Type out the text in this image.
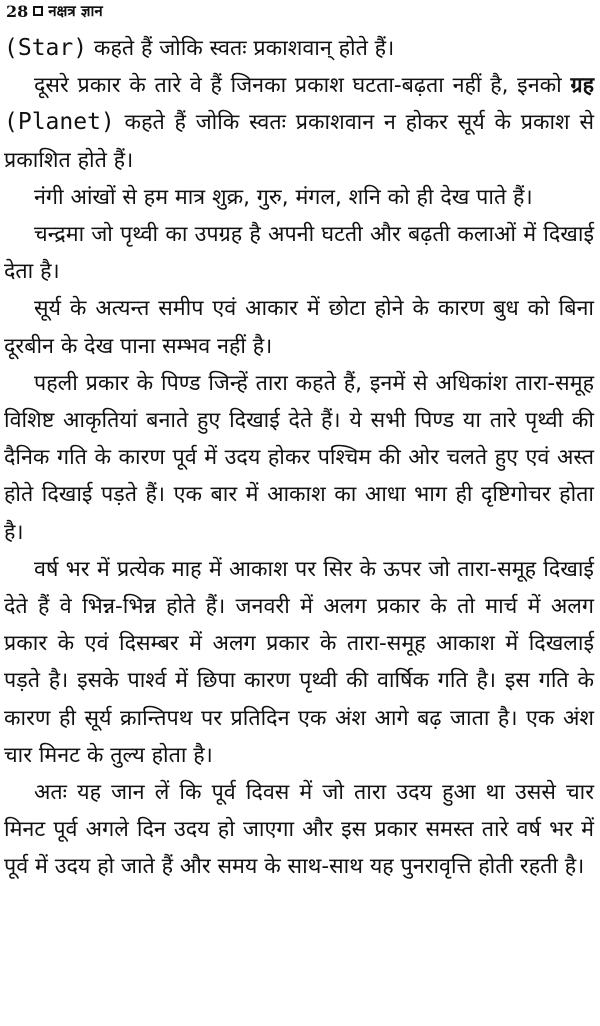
28 नक्षत्र ज्ञान

(Star) कहते हैं जोकि स्वतः प्रकाशवान् होते हैं।

दूसरे प्रकार के तारे वे हैं जिनका प्रकाश घटता-बढ़ता नहीं है, इनको ग्रह (Planet) कहते हैं जोकि स्वतः प्रकाशवान न होकर सूर्य के प्रकाश से प्रकाशित होते हैं।

नंगी आंखों से हम मात्र शुक्र, गुरु, मंगल, शनि को ही देख पाते हैं।

चन्द्रमा जो पृथ्वी का उपग्रह है अपनी घटती और बढ़ती कलाओं में दिखाई देता है।

सूर्य के अत्यन्त समीप एवं आकार में छोटा होने के कारण बुध को बिना दूरबीन के देख पाना सम्भव नहीं है।

पहली प्रकार के पिण्ड जिन्हें तारा कहते हैं, इनमें से अधिकांश तारा-समूह विशिष्ट आकृतियां बनाते हुए दिखाई देते हैं। ये सभी पिण्ड या तारे पृथ्वी की दैनिक गति के कारण पूर्व में उदय होकर पश्चिम की ओर चलते हुए एवं अस्त होते दिखाई पड़ते हैं। एक बार में आकाश का आधा भाग ही दृष्टिगोचर होता है।

वर्ष भर में प्रत्येक माह में आकाश पर सिर के ऊपर जो तारा-समूह दिखाई देते हैं वे भिन्न-भिन्न होते हैं। जनवरी में अलग प्रकार के तो मार्च में अलग प्रकार के एवं दिसम्बर में अलग प्रकार के तारा-समूह आकाश में दिखलाई पड़ते है। इसके पार्श्व में छिपा कारण पृथ्वी की वार्षिक गति है। इस गति के कारण ही सूर्य क्रान्तिपथ पर प्रतिदिन एक अंश आगे बढ़ जाता है। एक अंश चार मिनट के तुल्य होता है।

अतः यह जान लें कि पूर्व दिवस में जो तारा उदय हुआ था उससे चार मिनट पूर्व अगले दिन उदय हो जाएगा और इस प्रकार समस्त तारे वर्ष भर में पूर्व में उदय हो जाते हैं और समय के साथ-साथ यह पुनरावृत्ति होती रहती है।
